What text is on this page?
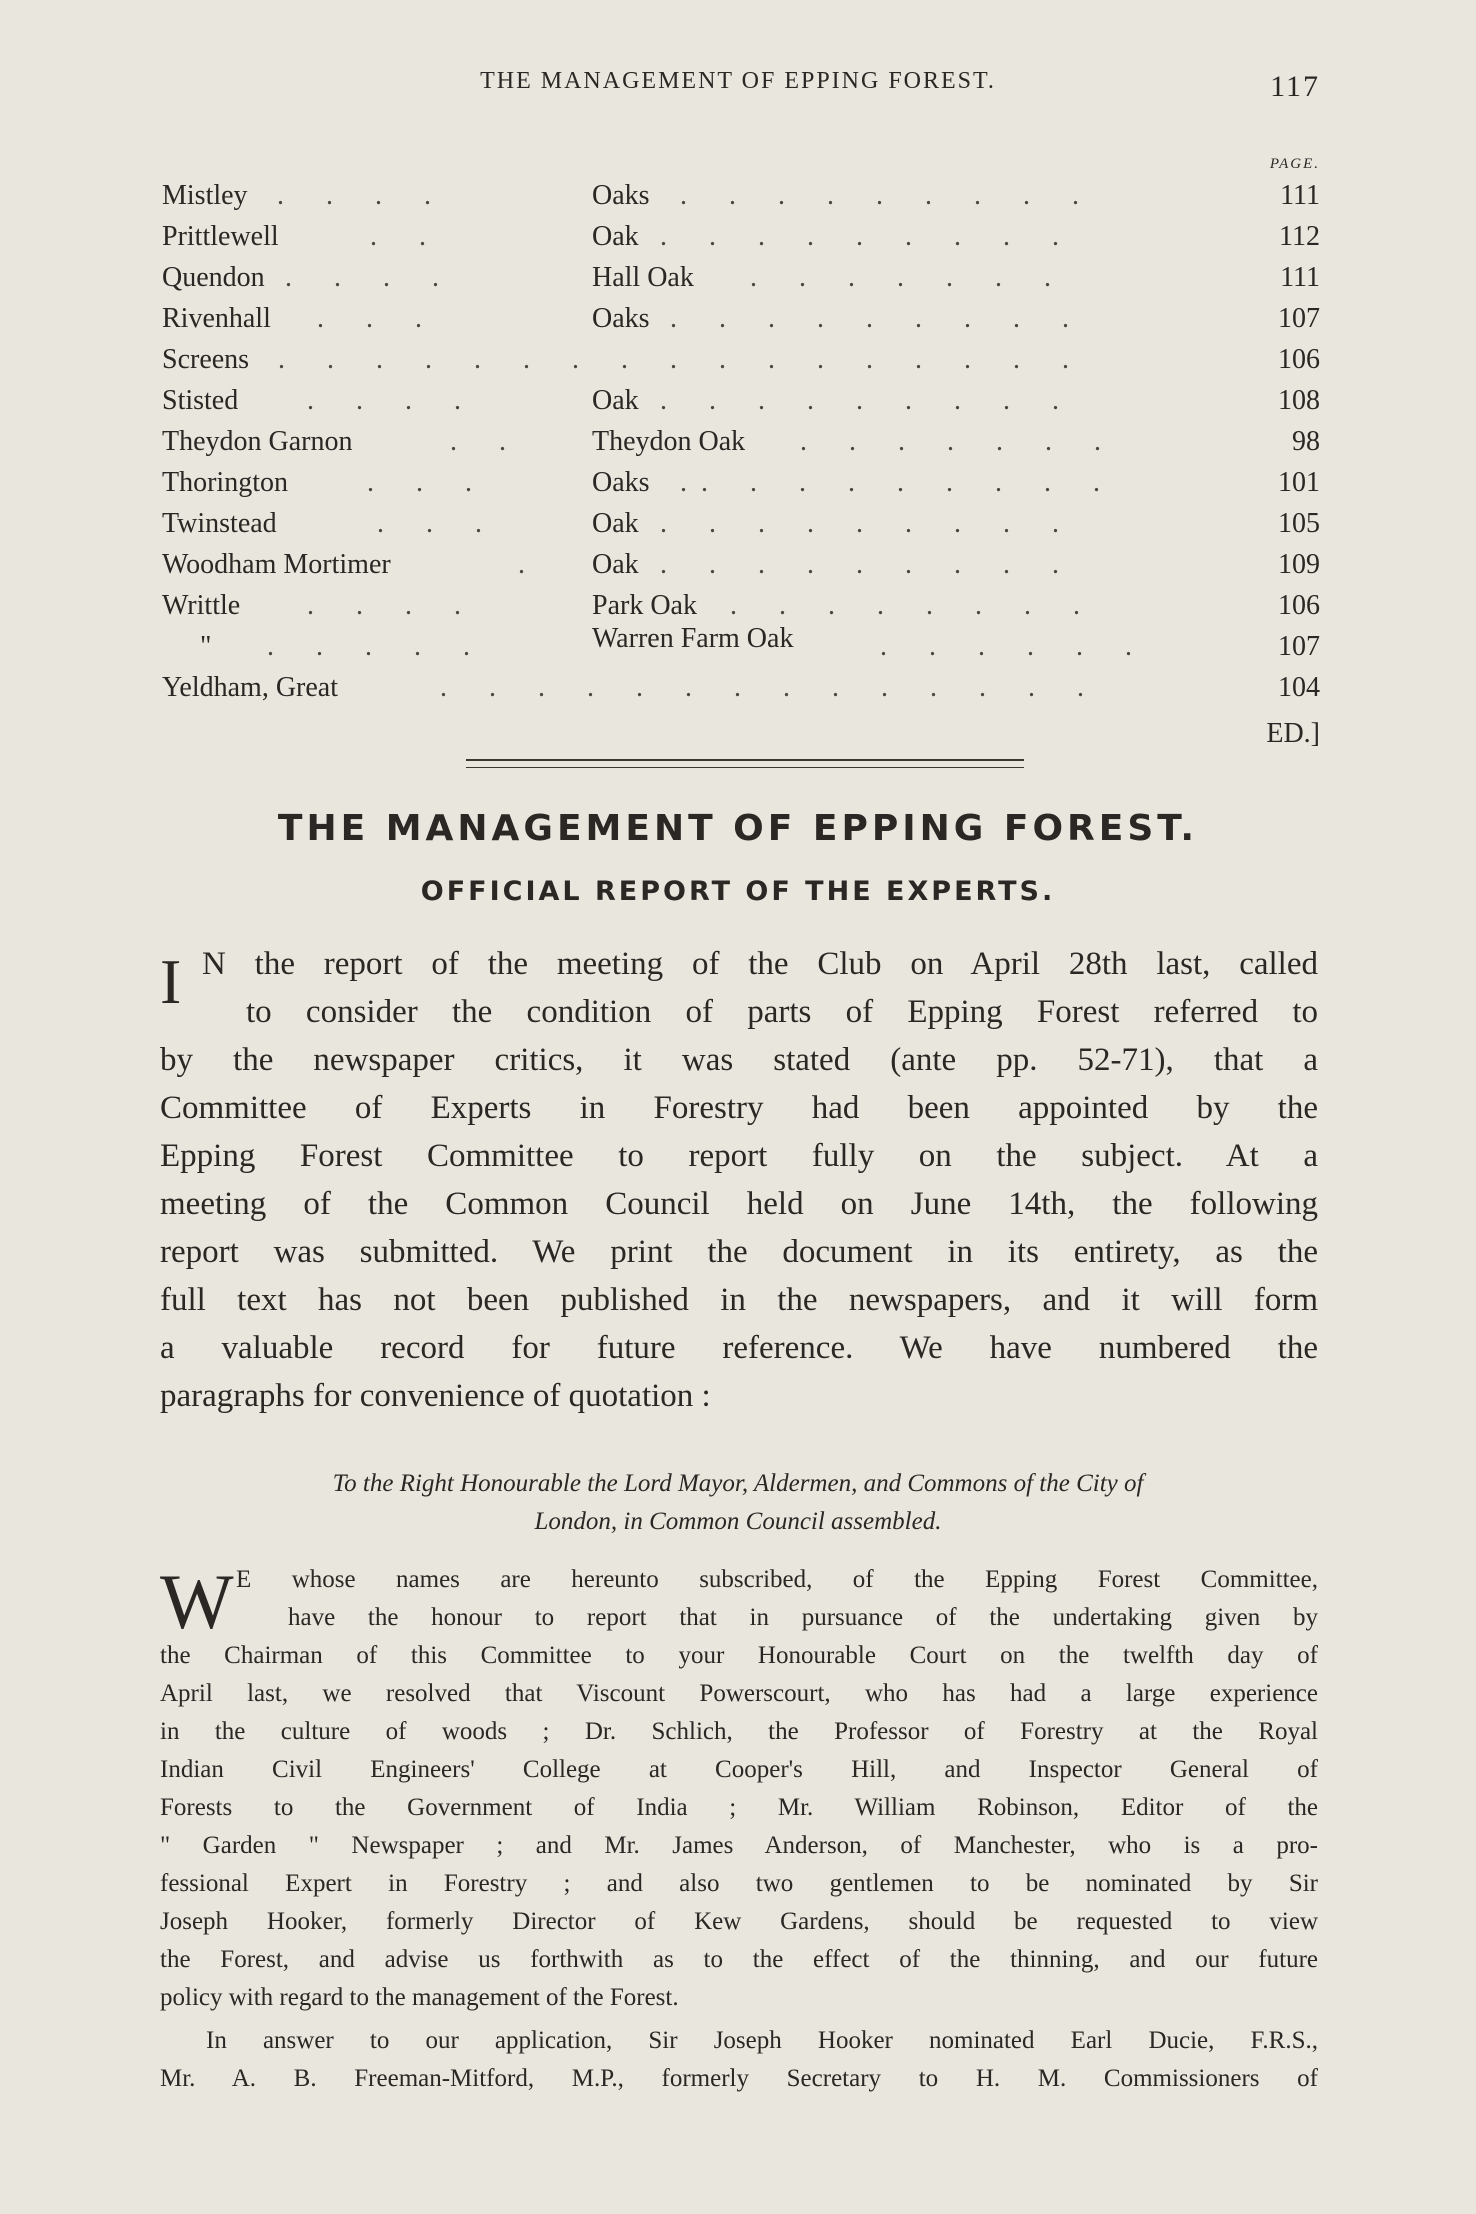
THE MANAGEMENT OF EPPING FOREST.	117
PAGE.
Mistley .      .      .      .	Oaks .      .      .      .      .      .      .      .      .	111
Prittlewell	.      .	Oak .      .      .      .      .      .      .      .      .	112
Quendon .      .      .      .	Hall Oak .      .      .      .      .      .      .	111
Rivenhall .      .      .	Oaks .      .      .      .      .      .      .      .      .	107
Screens .      .      .      .      .      .      .      .      .      .      .      .      .      .      .      .      .	106
Stisted .      .      .      .	Oak .      .      .      .      .      .      .      .      .	108
Theydon Garnon	.      .	Theydon Oak .      .      .      .      .      .      .	98
Thorington	.      .      .	Oaks .  .      .      .      .      .      .      .      .      .	101
Twinstead	.      .      .	Oak .      .      .      .      .      .      .      .      .	105
Woodham Mortimer	. Oak .      .      .      .      .      .      .      .      .	109
Writtle .      .      .      .	Park Oak .      .      .      .      .      .      .      .	106
" .      .      .      .      .	Warren Farm Oak	.      .      .      .      .      .	107
Yeldham, Great	.      .      .      .      .      .      .      .      .      .      .      .      .      .	104
ED.]
THE MANAGEMENT OF EPPING FOREST.
OFFICIAL REPORT OF THE EXPERTS.
I N the report of the meeting of the Club on April 28th last, called
to consider the condition of parts of Epping Forest referred to
by the newspaper critics, it was stated (ante pp. 52-71), that a
Committee of Experts in Forestry had been appointed by the
Epping Forest Committee to report fully on the subject. At a
meeting of the Common Council held on June 14th, the following
report was submitted. We print the document in its entirety, as the
full text has not been published in the newspapers, and it will form
a valuable record for future reference. We have numbered the
paragraphs for convenience of quotation :
To the Right Honourable the Lord Mayor, Aldermen, and Commons of the City of
London, in Common Council assembled.
W E whose names are hereunto subscribed, of the Epping Forest Committee,
have the honour to report that in pursuance of the undertaking given by
the Chairman of this Committee to your Honourable Court on the twelfth day of
April last, we resolved that Viscount Powerscourt, who has had a large experience
in the culture of woods ; Dr. Schlich, the Professor of Forestry at the Royal
Indian Civil Engineers' College at Cooper's Hill, and Inspector General of
Forests to the Government of India ; Mr. William Robinson, Editor of the
" Garden " Newspaper ; and Mr. James Anderson, of Manchester, who is a pro-
fessional Expert in Forestry ; and also two gentlemen to be nominated by Sir
Joseph Hooker, formerly Director of Kew Gardens, should be requested to view
the Forest, and advise us forthwith as to the effect of the thinning, and our future
policy with regard to the management of the Forest.
In answer to our application, Sir Joseph Hooker nominated Earl Ducie, F.R.S.,
Mr. A. B. Freeman-Mitford, M.P., formerly Secretary to H. M. Commissioners of
